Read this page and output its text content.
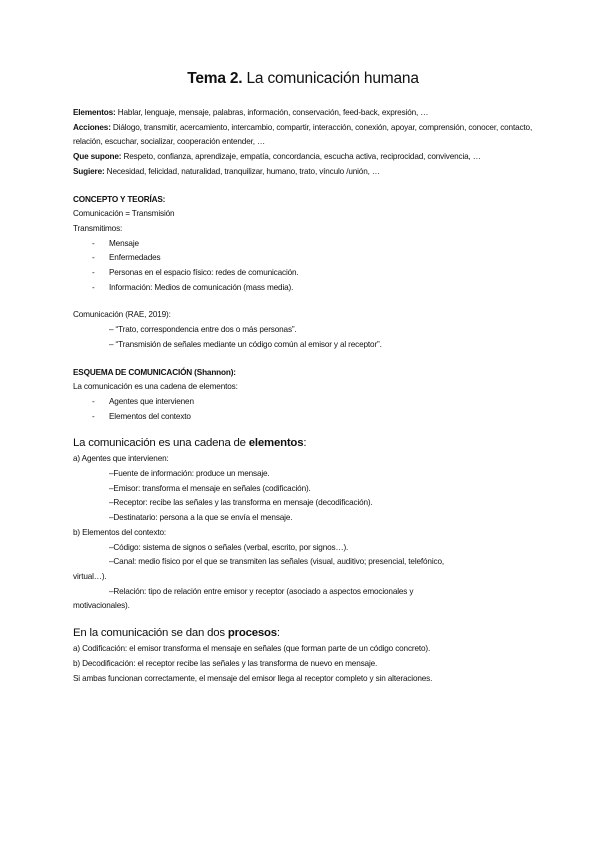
Tema 2. La comunicación humana

Elementos: Hablar, lenguaje, mensaje, palabras, información, conservación, feed-back, expresión, …

Acciones: Diálogo, transmitir, acercamiento, intercambio, compartir, interacción, conexión, apoyar, comprensión, conocer, contacto, relación, escuchar, socializar, cooperación entender, …

Que supone: Respeto, confianza, aprendizaje, empatía, concordancia, escucha activa, reciprocidad, convivencia, …

Sugiere: Necesidad, felicidad, naturalidad, tranquilizar, humano, trato, vínculo /unión, …

CONCEPTO Y TEORÍAS:

Comunicación = Transmisión

Transmitimos:

- Mensaje
- Enfermedades
- Personas en el espacio físico: redes de comunicación.
- Información: Medios de comunicación (mass media).

Comunicación (RAE, 2019):

– “Trato, correspondencia entre dos o más personas”.

– “Transmisión de señales mediante un código común al emisor y al receptor”.

ESQUEMA DE COMUNICACIÓN (Shannon):

La comunicación es una cadena de elementos:

- Agentes que intervienen
- Elementos del contexto

La comunicación es una cadena de elementos:

a) Agentes que intervienen:

–Fuente de información: produce un mensaje.

–Emisor: transforma el mensaje en señales (codificación).

–Receptor: recibe las señales y las transforma en mensaje (decodificación).

–Destinatario: persona a la que se envía el mensaje.

b) Elementos del contexto:

–Código: sistema de signos o señales (verbal, escrito, por signos…).

–Canal: medio físico por el que se transmiten las señales (visual, auditivo; presencial, telefónico,

virtual…).

–Relación: tipo de relación entre emisor y receptor (asociado a aspectos emocionales y

motivacionales).

En la comunicación se dan dos procesos:

a) Codificación: el emisor transforma el mensaje en señales (que forman parte de un código concreto).

b) Decodificación: el receptor recibe las señales y las transforma de nuevo en mensaje.

Si ambas funcionan correctamente, el mensaje del emisor llega al receptor completo y sin alteraciones.
